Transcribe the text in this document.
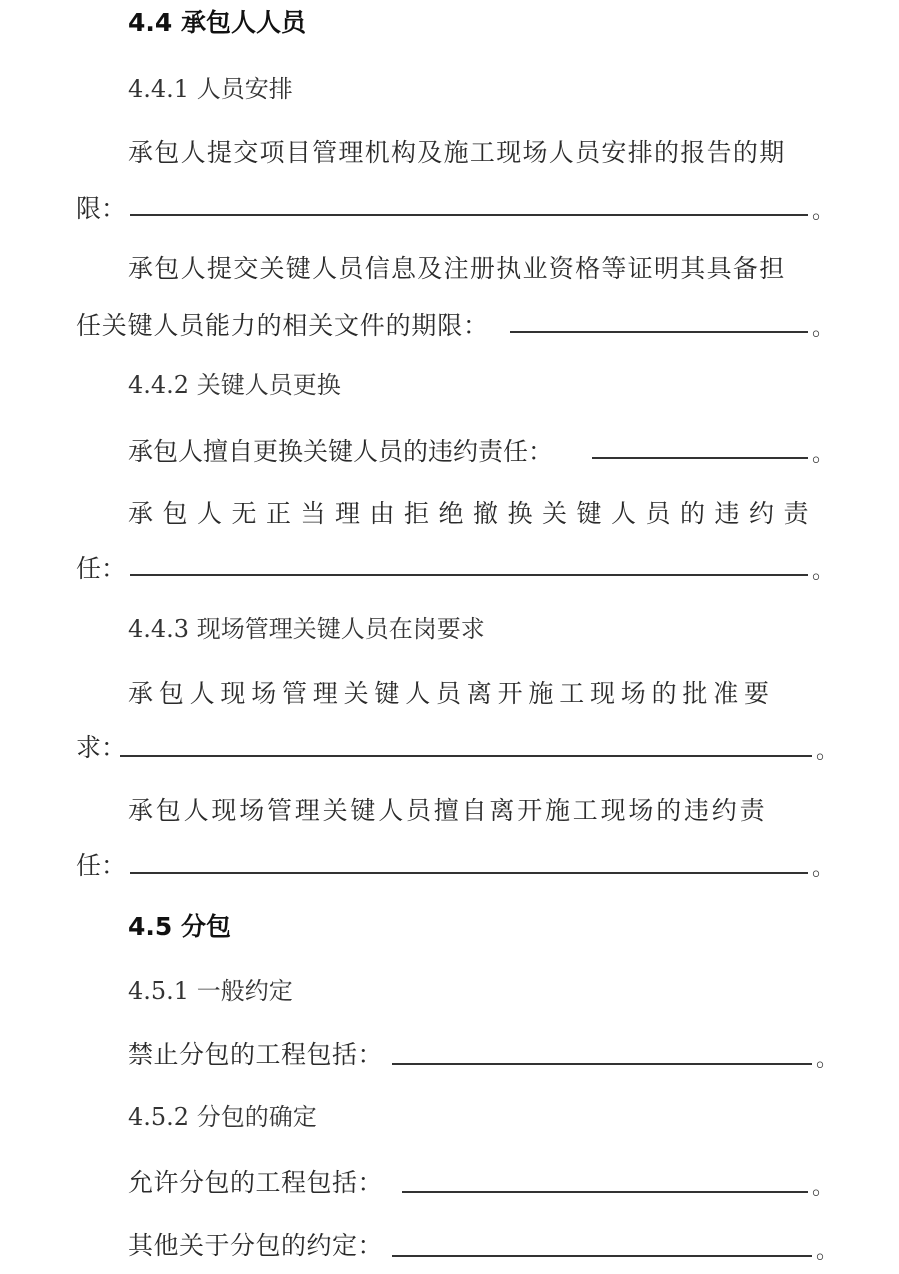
4.4 承包人人员
4.4.1 人员安排
承包人提交项目管理机构及施工现场人员安排的报告的期
限：	。
承包人提交关键人员信息及注册执业资格等证明其具备担
任关键人员能力的相关文件的期限：	。
4.4.2 关键人员更换
承包人擅自更换关键人员的违约责任：	。
承包人无正当理由拒绝撤换关键人员的违约责
任：	。
4.4.3 现场管理关键人员在岗要求
承包人现场管理关键人员离开施工现场的批准要
求：	。
承包人现场管理关键人员擅自离开施工现场的违约责
任：	。
4.5 分包
4.5.1 一般约定
禁止分包的工程包括：	。
4.5.2 分包的确定
允许分包的工程包括：	。
其他关于分包的约定：	。
